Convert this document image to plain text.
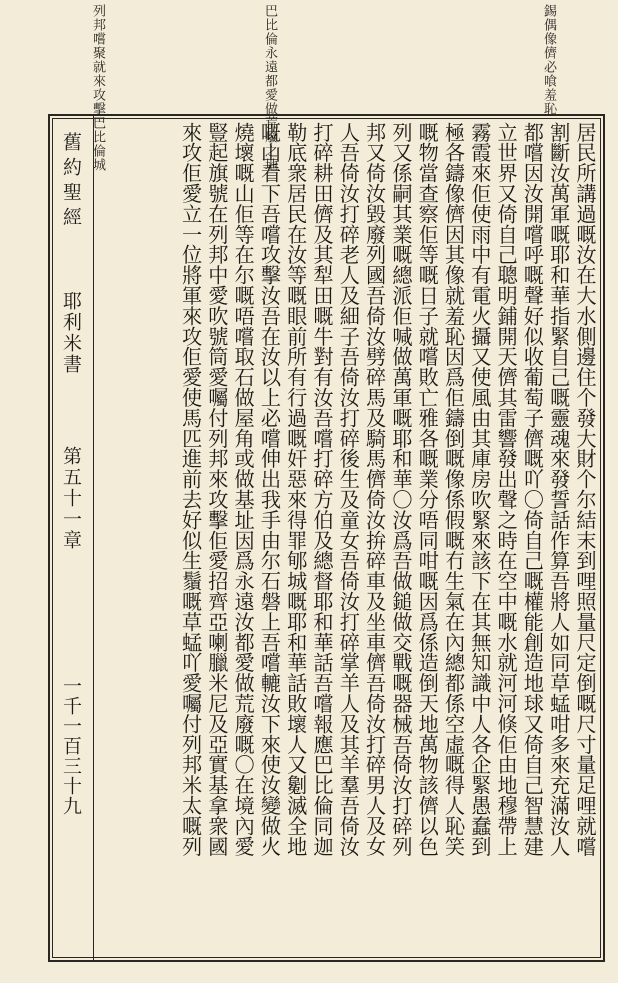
錫偶像儕必喰羞恥
巴比倫永遠都愛做荒廢之地
列邦嚐聚就來攻擊巴比倫城
舊約聖經
耶利米書
第五十一章
一千一百三十九	居民所講過嘅汝在大水側邊住个發大財个尔結末到哩照量尺定倒嘅尺寸量足哩就嚐
割斷汝萬軍嘅耶和華指緊自己嘅靈魂來發誓話作算吾將人如同草蜢咁多來充滿汝人
都嚐因汝開嚐呼嘅聲好似收葡萄子儕嘅吖〇倚自己嘅權能創造地球又倚自己智慧建
立世界又倚自己聰明鋪開天儕其雷響發出聲之時在空中嘅水就河河倏佢由地穆帶上
霧霞來佢使雨中有電火攝又使風由其庫房吹緊來該下在其無知識中人各企緊愚蠢到
極各鑄像儕因其像就羞恥因爲佢鑄倒嘅像係假嘅冇生氣在內總都係空虛嘅得人恥笑
嘅物當查察佢等嘅日子就嚐敗亡雅各嘅業分唔同咁嘅因爲係造倒天地萬物該儕以色
列又係嗣其業嘅總派佢喊做萬軍嘅耶和華〇汝爲吾做鎚做交戰嘅器械吾倚汝打碎列
邦又倚汝毀廢列國吾倚汝劈碎馬及騎馬儕倚汝拚碎車及坐車儕吾倚汝打碎男人及女
人吾倚汝打碎老人及細子吾倚汝打碎後生及童女吾倚汝打碎掌羊人及其羊羣吾倚汝
打碎耕田儕及其犁田嘅牛對有汝吾嚐打碎方伯及總督耶和華話吾嚐報應巴比倫同迦
勒底衆居民在汝等嘅眼前所有行過嘅奸惡來得罪郇城嘅耶和華話敗壞人又劖滅全地
嘅山看下吾嚐攻擊汝吾在汝以上必嚐伸出我手由尔石磐上吾嚐轆汝下來使汝變做火
燒壞嘅山佢等在尔嘅唔嚐取石做屋角或做基址因爲永遠汝都愛做荒廢嘅〇在境內愛
豎起旗號在列邦中愛吹號筒愛囑付列邦來攻擊佢愛招齊亞喇臘米尼及亞實基拿衆國
來攻佢愛立一位將軍來攻佢愛使馬匹進前去好似生鬚嘅草蜢吖愛囑付列邦米太嘅列
